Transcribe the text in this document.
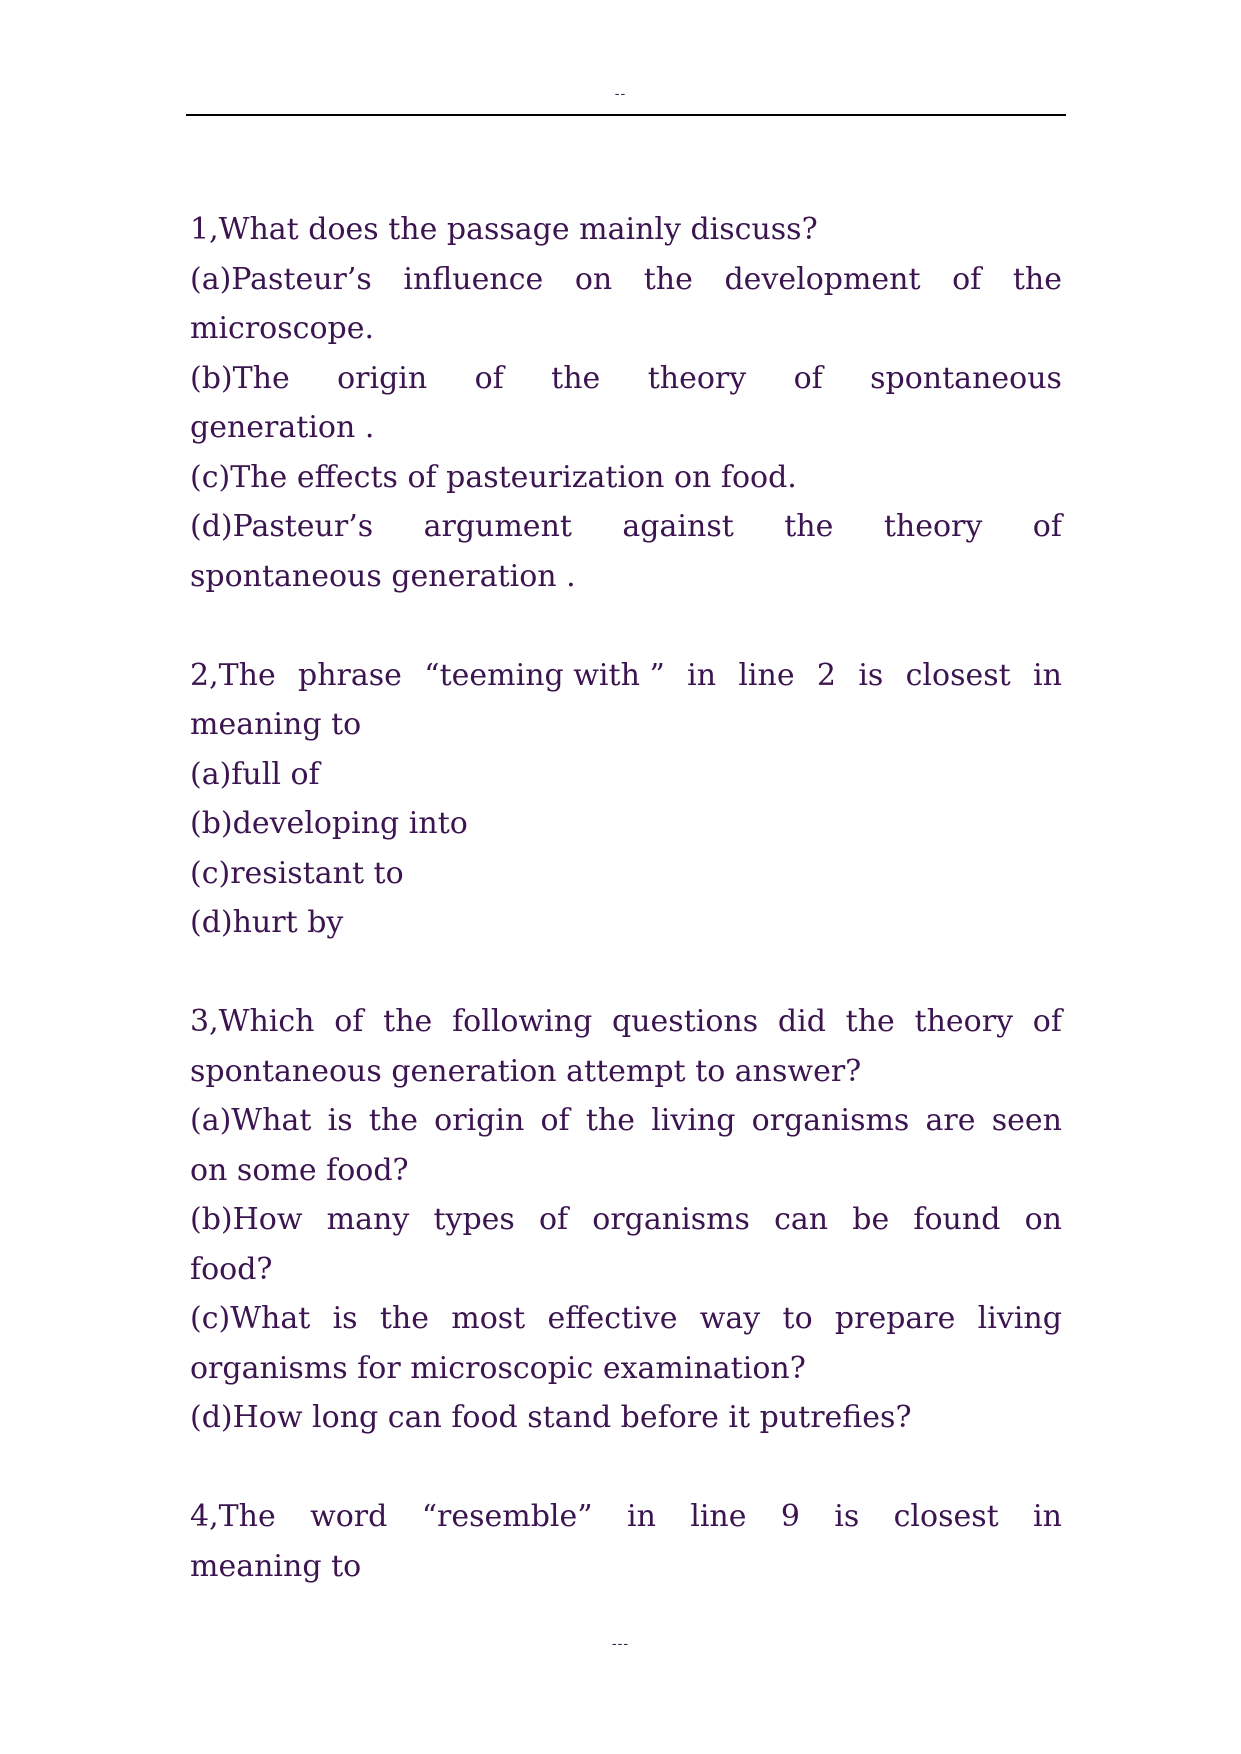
--
1,What does the passage mainly discuss?
(a)Pasteur’s influence on the development of the
microscope.
(b)The origin of the theory of spontaneous
generation .
(c)The effects of pasteurization on food.
(d)Pasteur’s argument against the theory of
spontaneous generation .
2,The phrase “teeming with ” in line 2 is closest in
meaning to
(a)full of
(b)developing into
(c)resistant to
(d)hurt by
3,Which of the following questions did the theory of
spontaneous generation attempt to answer?
(a)What is the origin of the living organisms are seen
on some food?
(b)How many types of organisms can be found on
food?
(c)What is the most effective way to prepare living
organisms for microscopic examination?
(d)How long can food stand before it putrefies?
4,The word “resemble” in line 9 is closest in
meaning to
---
